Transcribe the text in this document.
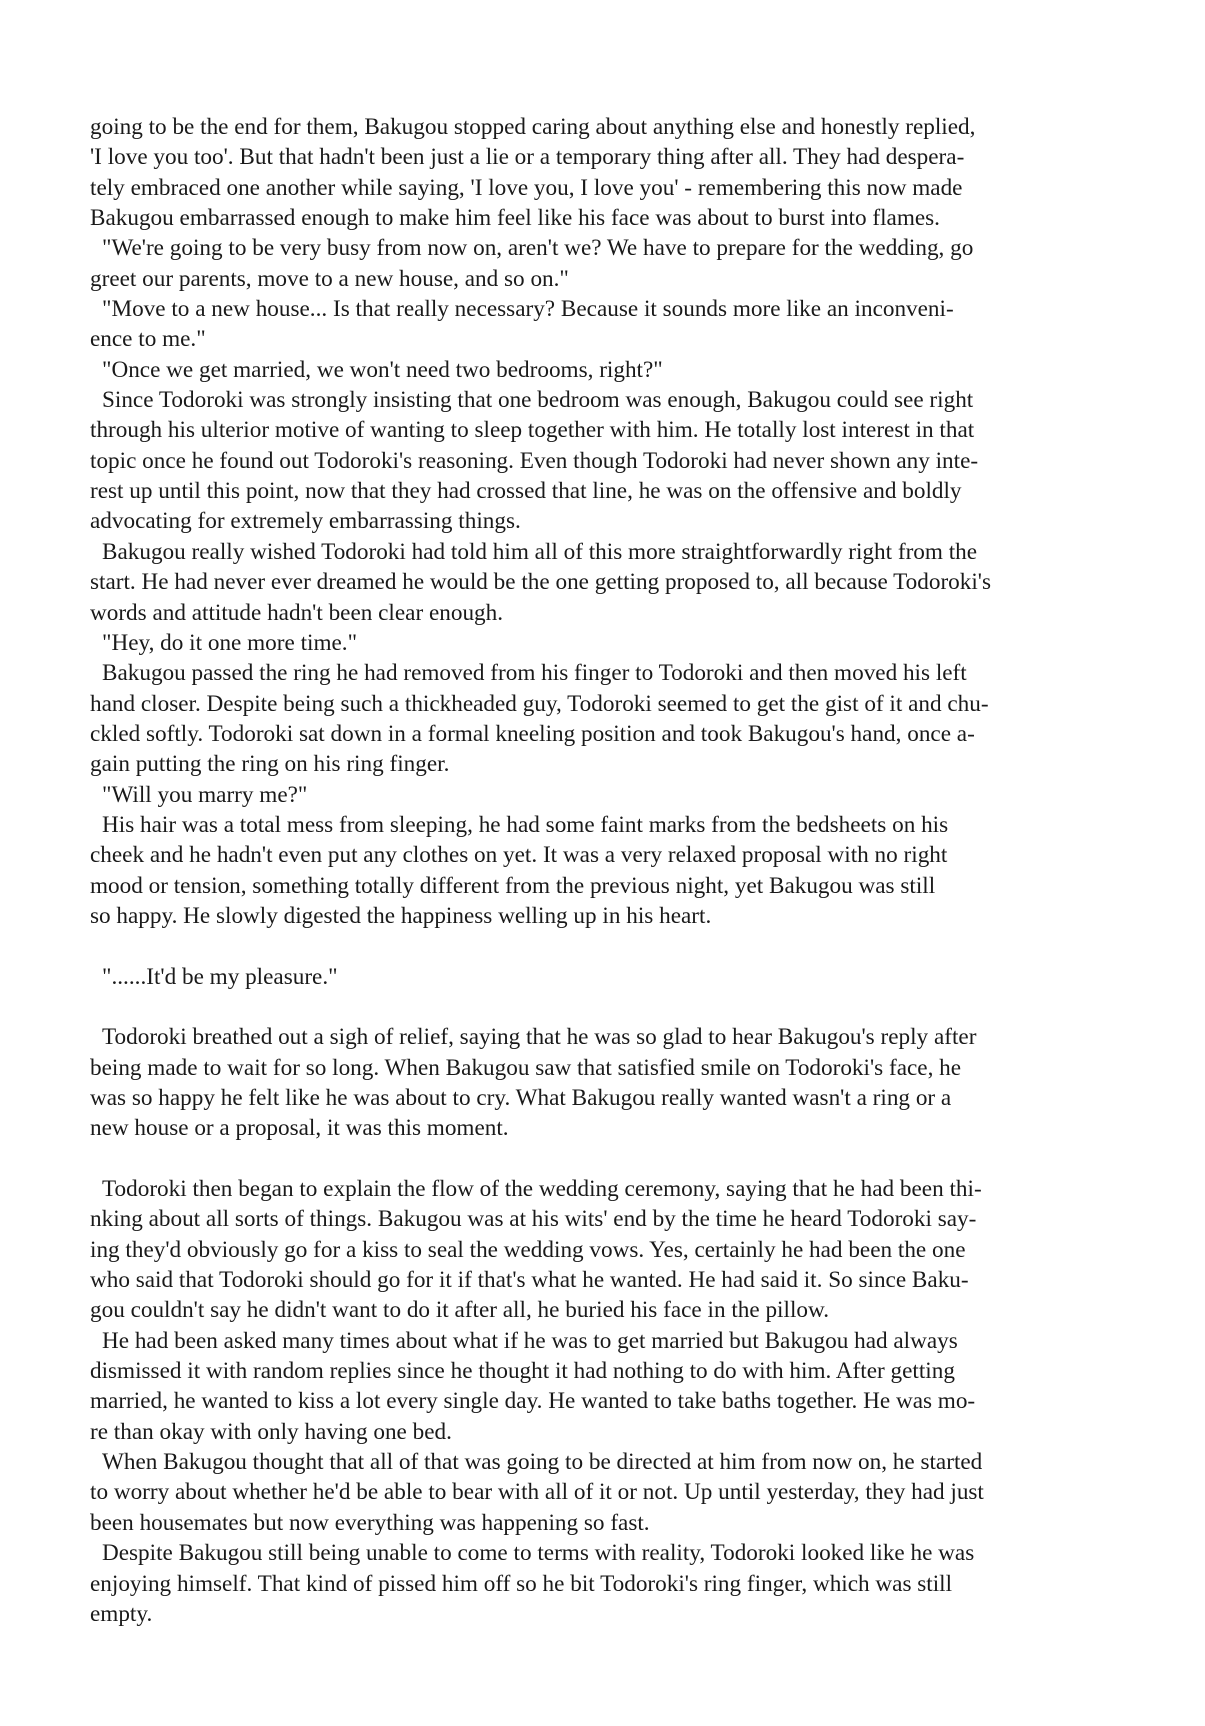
going to be the end for them, Bakugou stopped caring about anything else and honestly replied,
'I love you too'. But that hadn't been just a lie or a temporary thing after all. They had despera-
tely embraced one another while saying, 'I love you, I love you' - remembering this now made
Bakugou embarrassed enough to make him feel like his face was about to burst into flames.
"We're going to be very busy from now on, aren't we? We have to prepare for the wedding, go
greet our parents, move to a new house, and so on."
"Move to a new house... Is that really necessary? Because it sounds more like an inconveni-
ence to me."
"Once we get married, we won't need two bedrooms, right?"
Since Todoroki was strongly insisting that one bedroom was enough, Bakugou could see right
through his ulterior motive of wanting to sleep together with him. He totally lost interest in that
topic once he found out Todoroki's reasoning. Even though Todoroki had never shown any inte-
rest up until this point, now that they had crossed that line, he was on the offensive and boldly
advocating for extremely embarrassing things.
Bakugou really wished Todoroki had told him all of this more straightforwardly right from the
start. He had never ever dreamed he would be the one getting proposed to, all because Todoroki's
words and attitude hadn't been clear enough.
"Hey, do it one more time."
Bakugou passed the ring he had removed from his finger to Todoroki and then moved his left
hand closer. Despite being such a thickheaded guy, Todoroki seemed to get the gist of it and chu-
ckled softly. Todoroki sat down in a formal kneeling position and took Bakugou's hand, once a-
gain putting the ring on his ring finger.
"Will you marry me?"
His hair was a total mess from sleeping, he had some faint marks from the bedsheets on his
cheek and he hadn't even put any clothes on yet. It was a very relaxed proposal with no right
mood or tension, something totally different from the previous night, yet Bakugou was still
so happy. He slowly digested the happiness welling up in his heart.
"......It'd be my pleasure."
Todoroki breathed out a sigh of relief, saying that he was so glad to hear Bakugou's reply after
being made to wait for so long. When Bakugou saw that satisfied smile on Todoroki's face, he
was so happy he felt like he was about to cry. What Bakugou really wanted wasn't a ring or a
new house or a proposal, it was this moment.
Todoroki then began to explain the flow of the wedding ceremony, saying that he had been thi-
nking about all sorts of things. Bakugou was at his wits' end by the time he heard Todoroki say-
ing they'd obviously go for a kiss to seal the wedding vows. Yes, certainly he had been the one
who said that Todoroki should go for it if that's what he wanted. He had said it. So since Baku-
gou couldn't say he didn't want to do it after all, he buried his face in the pillow.
He had been asked many times about what if he was to get married but Bakugou had always
dismissed it with random replies since he thought it had nothing to do with him. After getting
married, he wanted to kiss a lot every single day. He wanted to take baths together. He was mo-
re than okay with only having one bed.
When Bakugou thought that all of that was going to be directed at him from now on, he started
to worry about whether he'd be able to bear with all of it or not. Up until yesterday, they had just
been housemates but now everything was happening so fast.
Despite Bakugou still being unable to come to terms with reality, Todoroki looked like he was
enjoying himself. That kind of pissed him off so he bit Todoroki's ring finger, which was still
empty.
